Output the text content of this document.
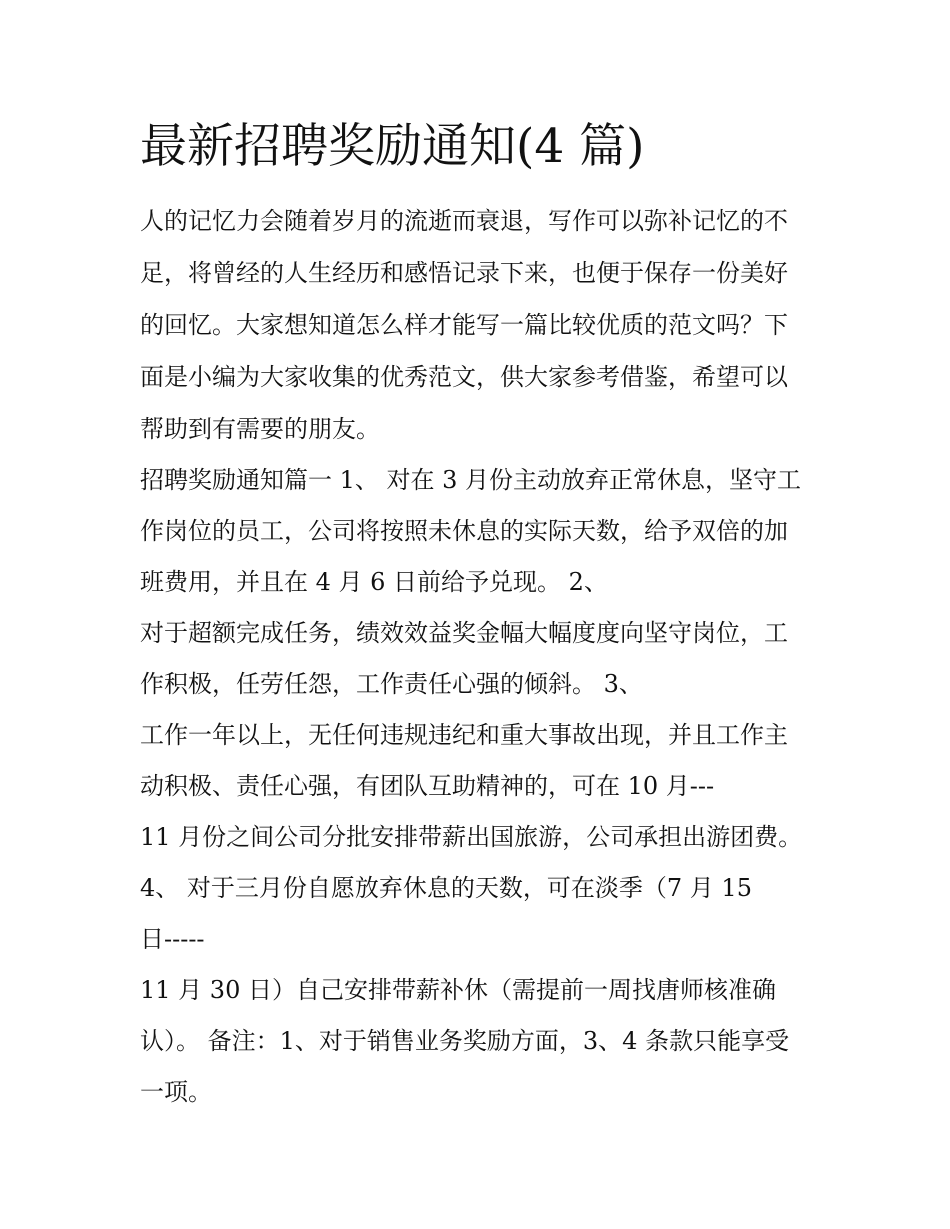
最新招聘奖励通知(4 篇)

人的记忆力会随着岁月的流逝而衰退，写作可以弥补记忆的不

足，将曾经的人生经历和感悟记录下来，也便于保存一份美好

的回忆。大家想知道怎么样才能写一篇比较优质的范文吗？下

面是小编为大家收集的优秀范文，供大家参考借鉴，希望可以

帮助到有需要的朋友。

招聘奖励通知篇一 1、 对在 3 月份主动放弃正常休息，坚守工

作岗位的员工，公司将按照未休息的实际天数，给予双倍的加

班费用，并且在 4 月 6 日前给予兑现。 2、

对于超额完成任务，绩效效益奖金幅大幅度度向坚守岗位，工

作积极，任劳任怨，工作责任心强的倾斜。 3、

工作一年以上，无任何违规违纪和重大事故出现，并且工作主

动积极、责任心强，有团队互助精神的，可在 10 月---

11 月份之间公司分批安排带薪出国旅游，公司承担出游团费。

4、 对于三月份自愿放弃休息的天数，可在淡季（7 月 15

日-----

11 月 30 日）自己安排带薪补休（需提前一周找唐师核准确

认）。 备注：1、对于销售业务奖励方面，3、4 条款只能享受

一项。
